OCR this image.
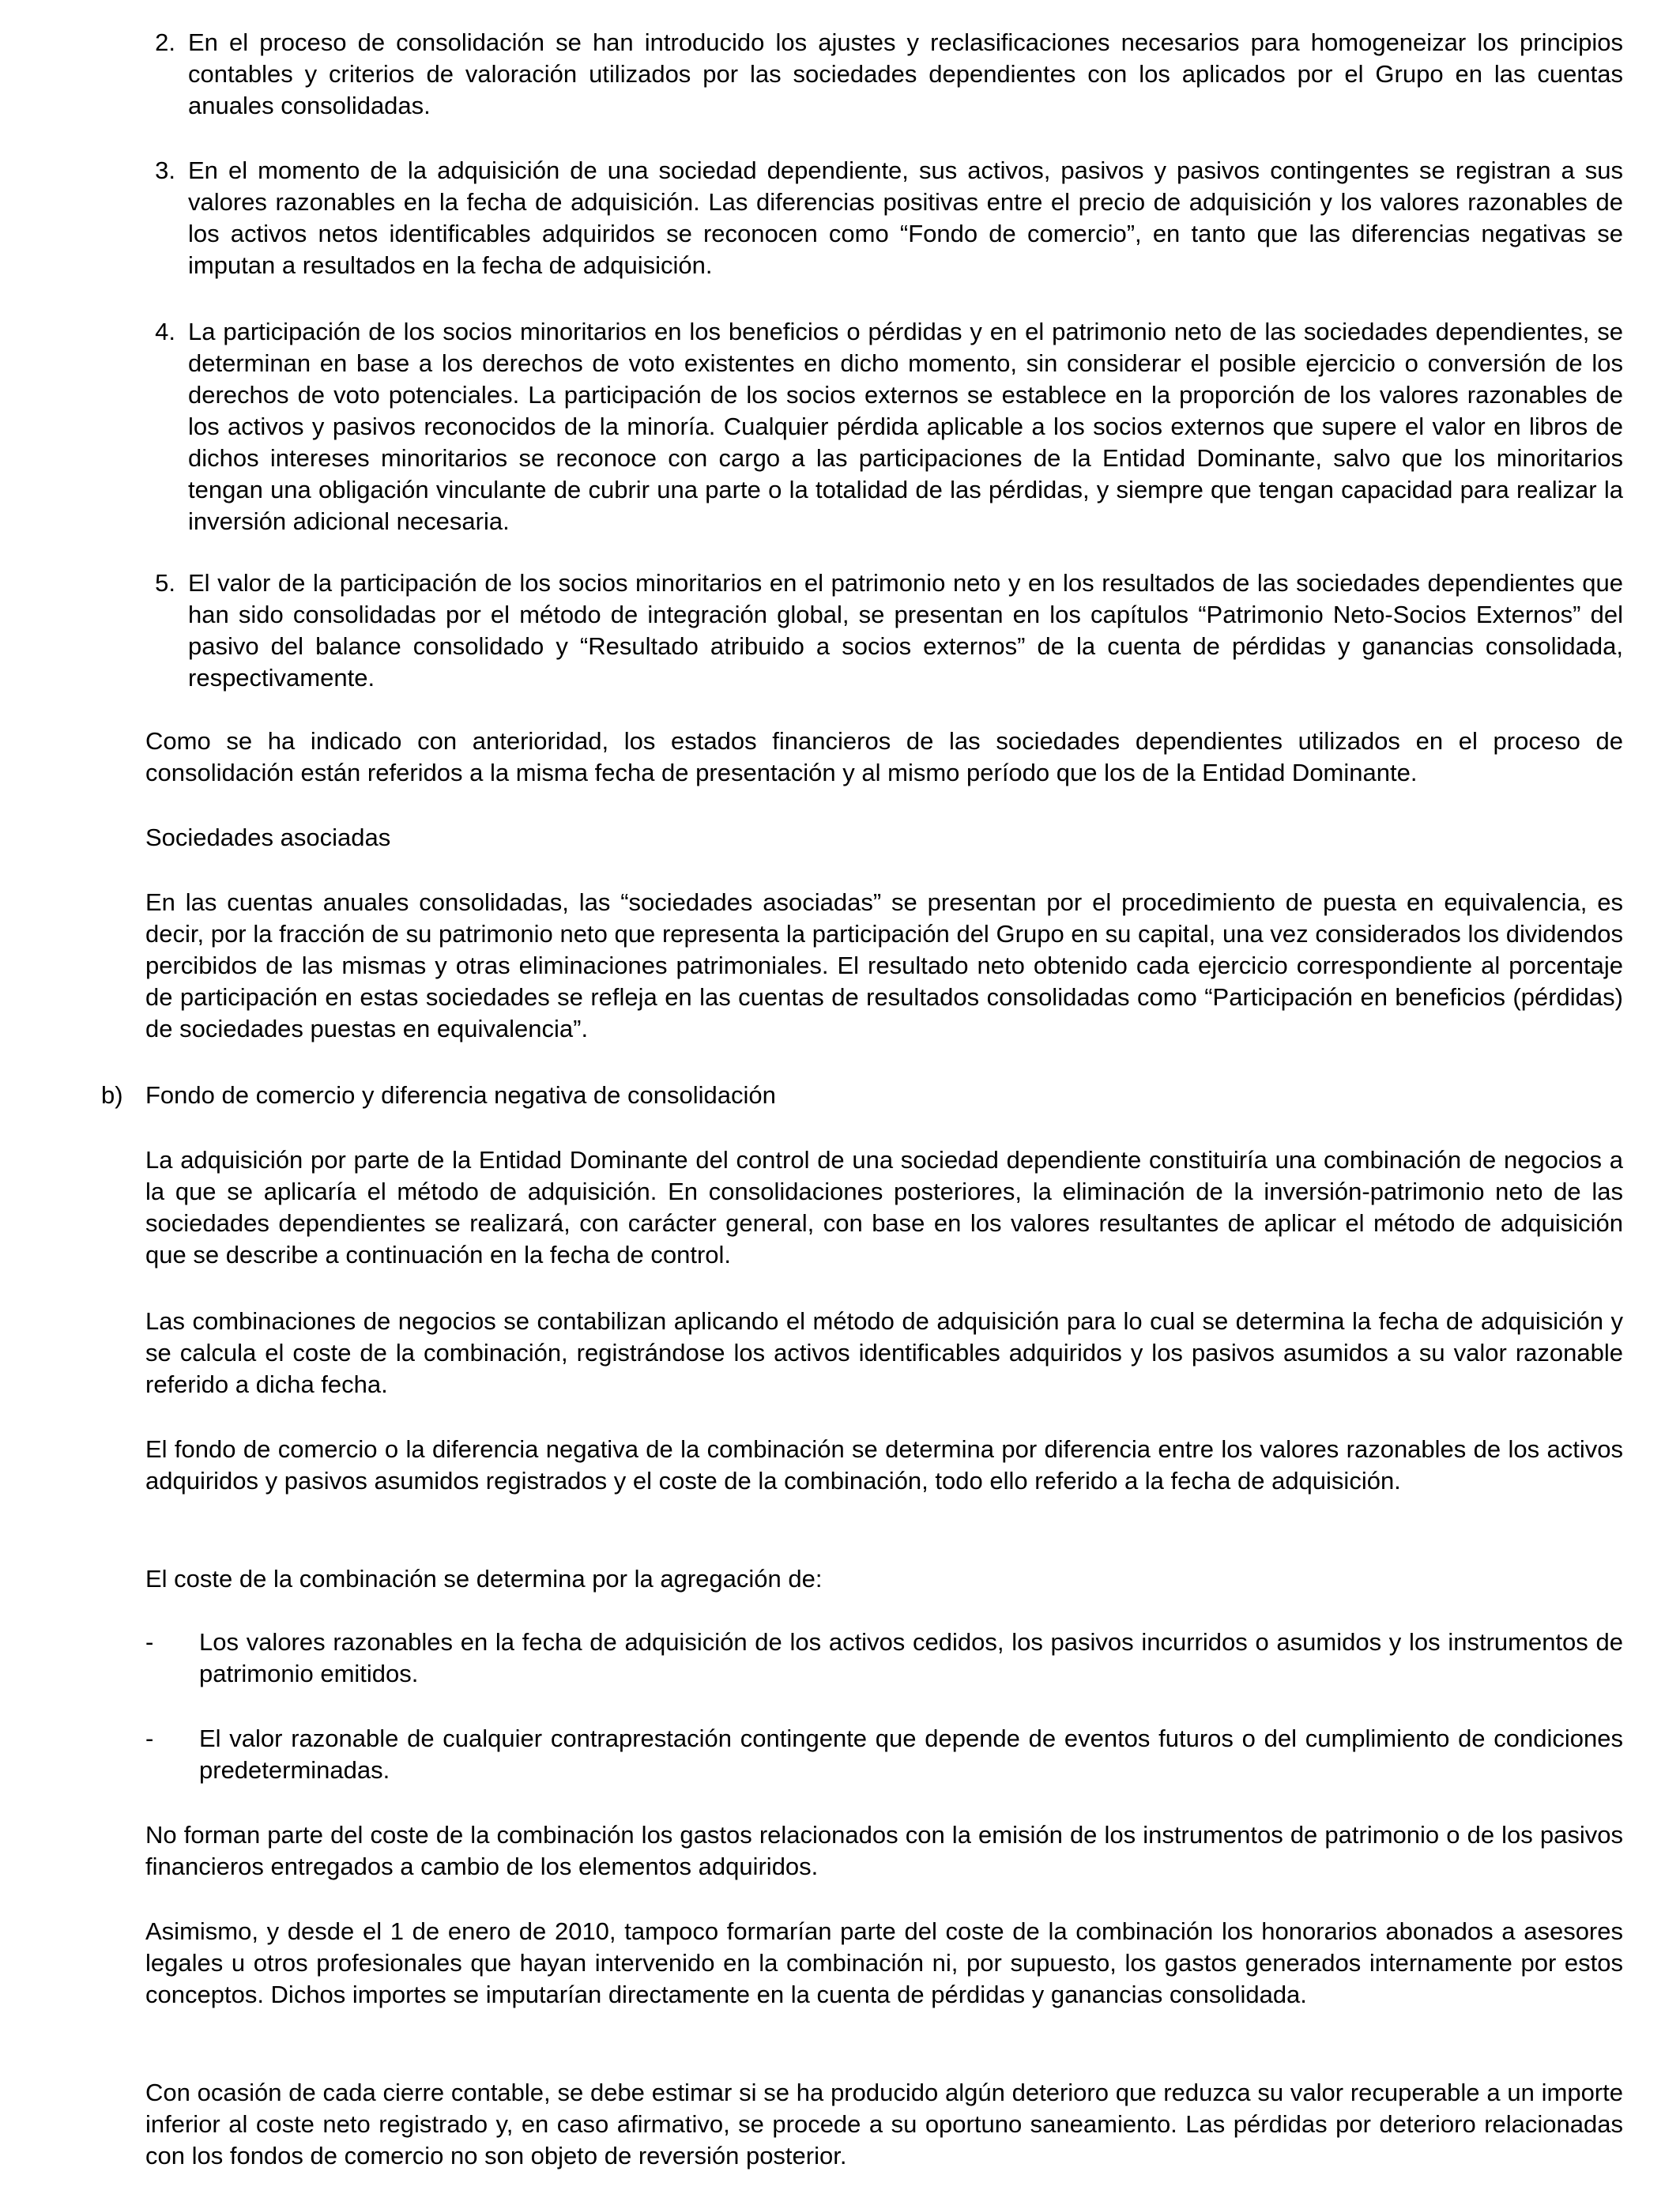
2. En el proceso de consolidación se han introducido los ajustes y reclasificaciones necesarios para homogeneizar los principios contables y criterios de valoración utilizados por las sociedades dependientes con los aplicados por el Grupo en las cuentas anuales consolidadas.

3. En el momento de la adquisición de una sociedad dependiente, sus activos, pasivos y pasivos contingentes se registran a sus valores razonables en la fecha de adquisición. Las diferencias positivas entre el precio de adquisición y los valores razonables de los activos netos identificables adquiridos se reconocen como “Fondo de comercio”, en tanto que las diferencias negativas se imputan a resultados en la fecha de adquisición.

4. La participación de los socios minoritarios en los beneficios o pérdidas y en el patrimonio neto de las sociedades dependientes, se determinan en base a los derechos de voto existentes en dicho momento, sin considerar el posible ejercicio o conversión de los derechos de voto potenciales. La participación de los socios externos se establece en la proporción de los valores razonables de los activos y pasivos reconocidos de la minoría. Cualquier pérdida aplicable a los socios externos que supere el valor en libros de dichos intereses minoritarios se reconoce con cargo a las participaciones de la Entidad Dominante, salvo que los minoritarios tengan una obligación vinculante de cubrir una parte o la totalidad de las pérdidas, y siempre que tengan capacidad para realizar la inversión adicional necesaria.

5. El valor de la participación de los socios minoritarios en el patrimonio neto y en los resultados de las sociedades dependientes que han sido consolidadas por el método de integración global, se presentan en los capítulos “Patrimonio Neto-Socios Externos” del pasivo del balance consolidado y “Resultado atribuido a socios externos” de la cuenta de pérdidas y ganancias consolidada, respectivamente.

Como se ha indicado con anterioridad, los estados financieros de las sociedades dependientes utilizados en el proceso de consolidación están referidos a la misma fecha de presentación y al mismo período que los de la Entidad Dominante.

Sociedades asociadas

En las cuentas anuales consolidadas, las “sociedades asociadas” se presentan por el procedimiento de puesta en equivalencia, es decir, por la fracción de su patrimonio neto que representa la participación del Grupo en su capital, una vez considerados los dividendos percibidos de las mismas y otras eliminaciones patrimoniales. El resultado neto obtenido cada ejercicio correspondiente al porcentaje de participación en estas sociedades se refleja en las cuentas de resultados consolidadas como “Participación en beneficios (pérdidas) de sociedades puestas en equivalencia”.

b) Fondo de comercio y diferencia negativa de consolidación

La adquisición por parte de la Entidad Dominante del control de una sociedad dependiente constituiría una combinación de negocios a la que se aplicaría el método de adquisición. En consolidaciones posteriores, la eliminación de la inversión-patrimonio neto de las sociedades dependientes se realizará, con carácter general, con base en los valores resultantes de aplicar el método de adquisición que se describe a continuación en la fecha de control.

Las combinaciones de negocios se contabilizan aplicando el método de adquisición para lo cual se determina la fecha de adquisición y se calcula el coste de la combinación, registrándose los activos identificables adquiridos y los pasivos asumidos a su valor razonable referido a dicha fecha.

El fondo de comercio o la diferencia negativa de la combinación se determina por diferencia entre los valores razonables de los activos adquiridos y pasivos asumidos registrados y el coste de la combinación, todo ello referido a la fecha de adquisición.

El coste de la combinación se determina por la agregación de:

-	Los valores razonables en la fecha de adquisición de los activos cedidos, los pasivos incurridos o asumidos y los instrumentos de patrimonio emitidos.

-	El valor razonable de cualquier contraprestación contingente que depende de eventos futuros o del cumplimiento de condiciones predeterminadas.

No forman parte del coste de la combinación los gastos relacionados con la emisión de los instrumentos de patrimonio o de los pasivos financieros entregados a cambio de los elementos adquiridos.

Asimismo, y desde el 1 de enero de 2010, tampoco formarían parte del coste de la combinación los honorarios abonados a asesores legales u otros profesionales que hayan intervenido en la combinación ni, por supuesto, los gastos generados internamente por estos conceptos. Dichos importes se imputarían directamente en la cuenta de pérdidas y ganancias consolidada.

Con ocasión de cada cierre contable, se debe estimar si se ha producido algún deterioro que reduzca su valor recuperable a un importe inferior al coste neto registrado y, en caso afirmativo, se procede a su oportuno saneamiento. Las pérdidas por deterioro relacionadas con los fondos de comercio no son objeto de reversión posterior.
